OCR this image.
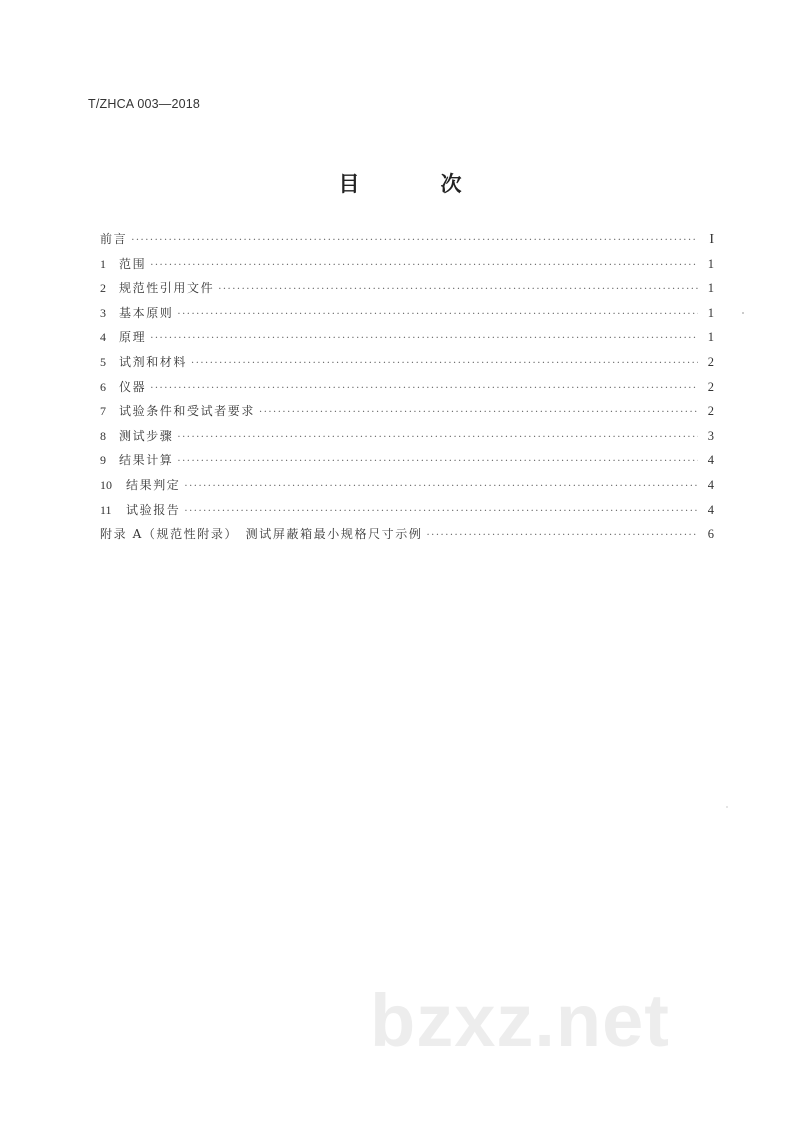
T/ZHCA 003—2018
目　次
前言 ·····	I
1	范围 ·····	1
2	规范性引用文件 ·····	1
3	基本原则 ·····	1
4	原理 ·····	1
5	试剂和材料 ·····	2
6	仪器 ·····	2
7	试验条件和受试者要求 ·····	2
8	测试步骤 ·····	3
9	结果计算 ·····	4
10	结果判定 ·····	4
11	试验报告 ·····	4
附录 A（规范性附录）　测试屏蔽箱最小规格尺寸示例 ·····	6
bzxz.net
